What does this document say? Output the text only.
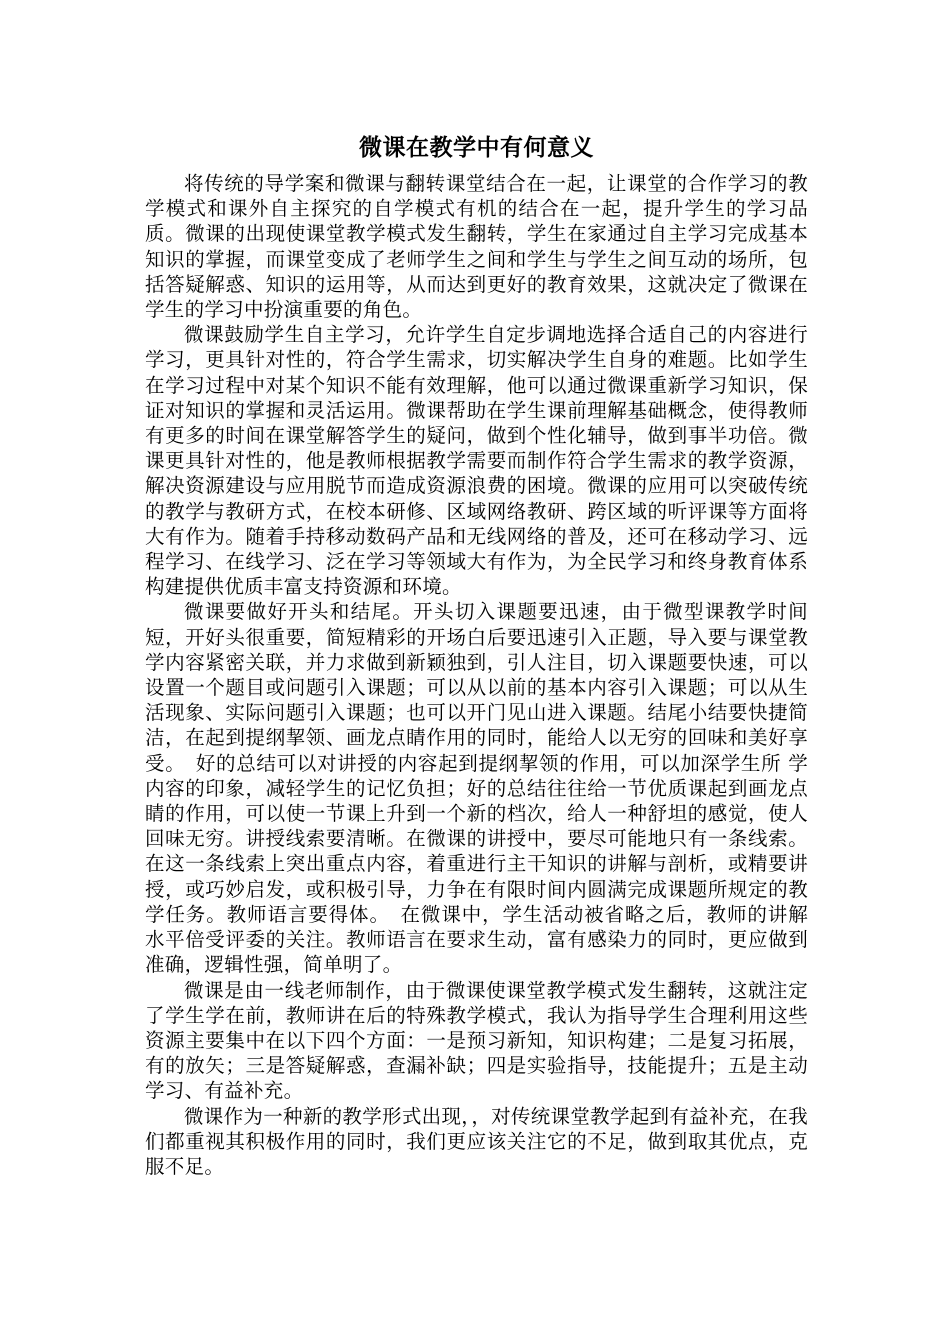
微课在教学中有何意义

将传统的导学案和微课与翻转课堂结合在一起，让课堂的合作学习的教学模式和课外自主探究的自学模式有机的结合在一起，提升学生的学习品质。微课的出现使课堂教学模式发生翻转，学生在家通过自主学习完成基本知识的掌握，而课堂变成了老师学生之间和学生与学生之间互动的场所，包括答疑解惑、知识的运用等，从而达到更好的教育效果，这就决定了微课在学生的学习中扮演重要的角色。

微课鼓励学生自主学习，允许学生自定步调地选择合适自己的内容进行学习，更具针对性的，符合学生需求，切实解决学生自身的难题。比如学生在学习过程中对某个知识不能有效理解，他可以通过微课重新学习知识，保证对知识的掌握和灵活运用。微课帮助在学生课前理解基础概念，使得教师有更多的时间在课堂解答学生的疑问，做到个性化辅导，做到事半功倍。微课更具针对性的，他是教师根据教学需要而制作符合学生需求的教学资源，解决资源建设与应用脱节而造成资源浪费的困境。微课的应用可以突破传统的教学与教研方式，在校本研修、区域网络教研、跨区域的听评课等方面将大有作为。随着手持移动数码产品和无线网络的普及，还可在移动学习、远程学习、在线学习、泛在学习等领域大有作为，为全民学习和终身教育体系构建提供优质丰富支持资源和环境。

微课要做好开头和结尾。开头切入课题要迅速，由于微型课教学时间短，开好头很重要，简短精彩的开场白后要迅速引入正题，导入要与课堂教学内容紧密关联，并力求做到新颖独到，引人注目，切入课题要快速，可以设置一个题目或问题引入课题；可以从以前的基本内容引入课题；可以从生活现象、实际问题引入课题；也可以开门见山进入课题。结尾小结要快捷简洁，在起到提纲挈领、画龙点睛作用的同时，能给人以无穷的回味和美好享受。　好的总结可以对讲授的内容起到提纲挈领的作用，可以加深学生所 学内容的印象，减轻学生的记忆负担；好的总结往往给一节优质课起到画龙点睛的作用，可以使一节课上升到一个新的档次，给人一种舒坦的感觉，使人回味无穷。讲授线索要清晰。在微课的讲授中，要尽可能地只有一条线索。在这一条线索上突出重点内容，着重进行主干知识的讲解与剖析，或精要讲授，或巧妙启发，或积极引导，力争在有限时间内圆满完成课题所规定的教学任务。教师语言要得体。　在微课中，学生活动被省略之后，教师的讲解水平倍受评委的关注。教师语言在要求生动，富有感染力的同时，更应做到准确，逻辑性强，简单明了。

微课是由一线老师制作，由于微课使课堂教学模式发生翻转，这就注定了学生学在前，教师讲在后的特殊教学模式，我认为指导学生合理利用这些资源主要集中在以下四个方面：一是预习新知，知识构建；二是复习拓展，有的放矢；三是答疑解惑，查漏补缺；四是实验指导，技能提升；五是主动学习、有益补充。

微课作为一种新的教学形式出现，，对传统课堂教学起到有益补充，在我们都重视其积极作用的同时，我们更应该关注它的不足，做到取其优点，克服不足。
